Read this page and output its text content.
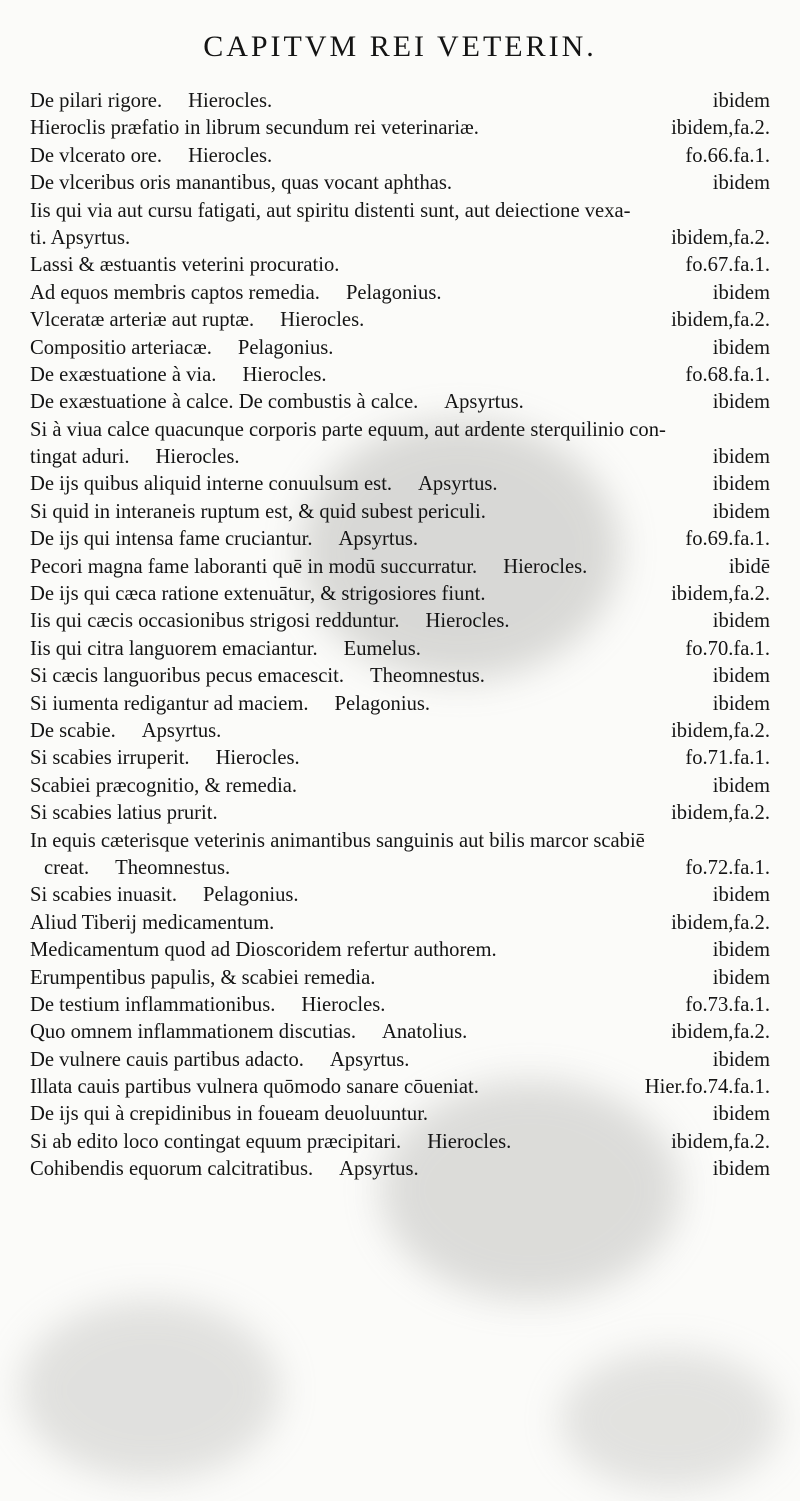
CAPITVM REI VETERIN.
De pilari rigore. Hierocles.	ibidem
Hieroclis præfatio in librum secundum rei veterinariæ.	ibidem,fa.2.
De vlcerato ore. Hierocles.	fo.66.fa.1.
De vlceribus oris manantibus, quas vocant aphthas.	ibidem
Iis qui via aut cursu fatigati, aut spiritu distenti sunt, aut deiectione vexa-
ti. Apsyrtus.	ibidem,fa.2.
Lassi & æstuantis veterini procuratio.	fo.67.fa.1.
Ad equos membris captos remedia. Pelagonius.	ibidem
Vlceratæ arteriæ aut ruptæ. Hierocles.	ibidem,fa.2.
Compositio arteriacæ. Pelagonius.	ibidem
De exæstuatione à via. Hierocles.	fo.68.fa.1.
De exæstuatione à calce. De combustis à calce. Apsyrtus.	ibidem
Si à viua calce quacunque corporis parte equum, aut ardente sterquilinio con-
tingat aduri. Hierocles.	ibidem
De ijs quibus aliquid interne conuulsum est. Apsyrtus.	ibidem
Si quid in interaneis ruptum est, & quid subest periculi.	ibidem
De ijs qui intensa fame cruciantur. Apsyrtus.	fo.69.fa.1.
Pecori magna fame laboranti quē in modū succurratur. Hierocles.	ibidē
De ijs qui cæca ratione extenuātur, & strigosiores fiunt.	ibidem,fa.2.
Iis qui cæcis occasionibus strigosi redduntur. Hierocles.	ibidem
Iis qui citra languorem emaciantur. Eumelus.	fo.70.fa.1.
Si cæcis languoribus pecus emacescit. Theomnestus.	ibidem
Si iumenta redigantur ad maciem. Pelagonius.	ibidem
De scabie. Apsyrtus.	ibidem,fa.2.
Si scabies irruperit. Hierocles.	fo.71.fa.1.
Scabiei præcognitio, & remedia.	ibidem
Si scabies latius prurit.	ibidem,fa.2.
In equis cæterisque veterinis animantibus sanguinis aut bilis marcor scabiē
creat. Theomnestus.	fo.72.fa.1.
Si scabies inuasit. Pelagonius.	ibidem
Aliud Tiberij medicamentum.	ibidem,fa.2.
Medicamentum quod ad Dioscoridem refertur authorem.	ibidem
Erumpentibus papulis, & scabiei remedia.	ibidem
De testium inflammationibus. Hierocles.	fo.73.fa.1.
Quo omnem inflammationem discutias. Anatolius.	ibidem,fa.2.
De vulnere cauis partibus adacto. Apsyrtus.	ibidem
Illata cauis partibus vulnera quōmodo sanare cōueniat.	Hier.fo.74.fa.1.
De ijs qui à crepidinibus in foueam deuoluuntur.	ibidem
Si ab edito loco contingat equum præcipitari. Hierocles.	ibidem,fa.2.
Cohibendis equorum calcitratibus. Apsyrtus.	ibidem
